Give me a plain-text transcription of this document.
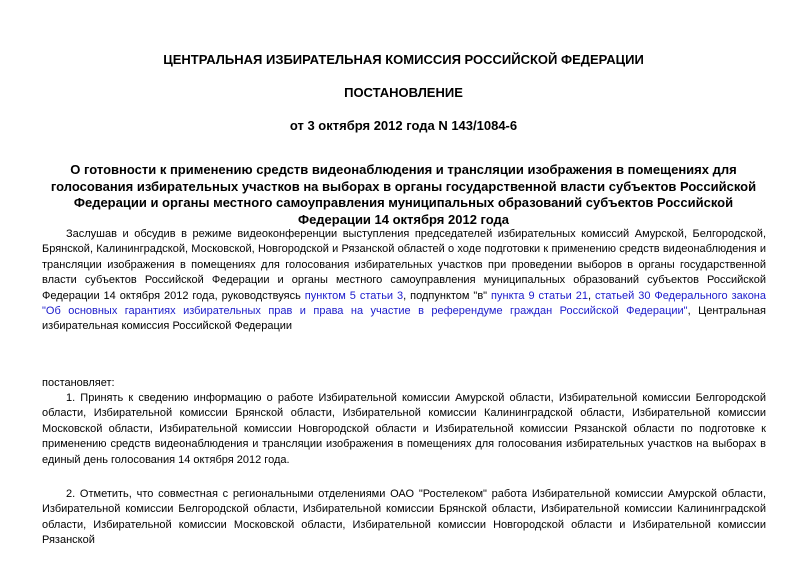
ЦЕНТРАЛЬНАЯ ИЗБИРАТЕЛЬНАЯ КОМИССИЯ РОССИЙСКОЙ ФЕДЕРАЦИИ

ПОСТАНОВЛЕНИЕ

от 3 октября 2012 года N 143/1084-6

О готовности к применению средств видеонаблюдения и трансляции изображения в помещениях для голосования избирательных участков на выборах в органы государственной власти субъектов Российской Федерации и органы местного самоуправления муниципальных образований субъектов Российской Федерации 14 октября 2012 года

Заслушав и обсудив в режиме видеоконференции выступления председателей избирательных комиссий Амурской, Белгородской, Брянской, Калининградской, Московской, Новгородской и Рязанской областей о ходе подготовки к применению средств видеонаблюдения и трансляции изображения в помещениях для голосования избирательных участков при проведении выборов в органы государственной власти субъектов Российской Федерации и органы местного самоуправления муниципальных образований субъектов Российской Федерации 14 октября 2012 года, руководствуясь пунктом 5 статьи 3, подпунктом "в" пункта 9 статьи 21, статьей 30 Федерального закона "Об основных гарантиях избирательных прав и права на участие в референдуме граждан Российской Федерации", Центральная избирательная комиссия Российской Федерации

постановляет:

1. Принять к сведению информацию о работе Избирательной комиссии Амурской области, Избирательной комиссии Белгородской области, Избирательной комиссии Брянской области, Избирательной комиссии Калининградской области, Избирательной комиссии Московской области, Избирательной комиссии Новгородской области и Избирательной комиссии Рязанской области по подготовке к применению средств видеонаблюдения и трансляции изображения в помещениях для голосования избирательных участков на выборах в единый день голосования 14 октября 2012 года.

2. Отметить, что совместная с региональными отделениями ОАО "Ростелеком" работа Избирательной комиссии Амурской области, Избирательной комиссии Белгородской области, Избирательной комиссии Брянской области, Избирательной комиссии Калининградской области, Избирательной комиссии Московской области, Избирательной комиссии Новгородской области и Избирательной комиссии Рязанской
